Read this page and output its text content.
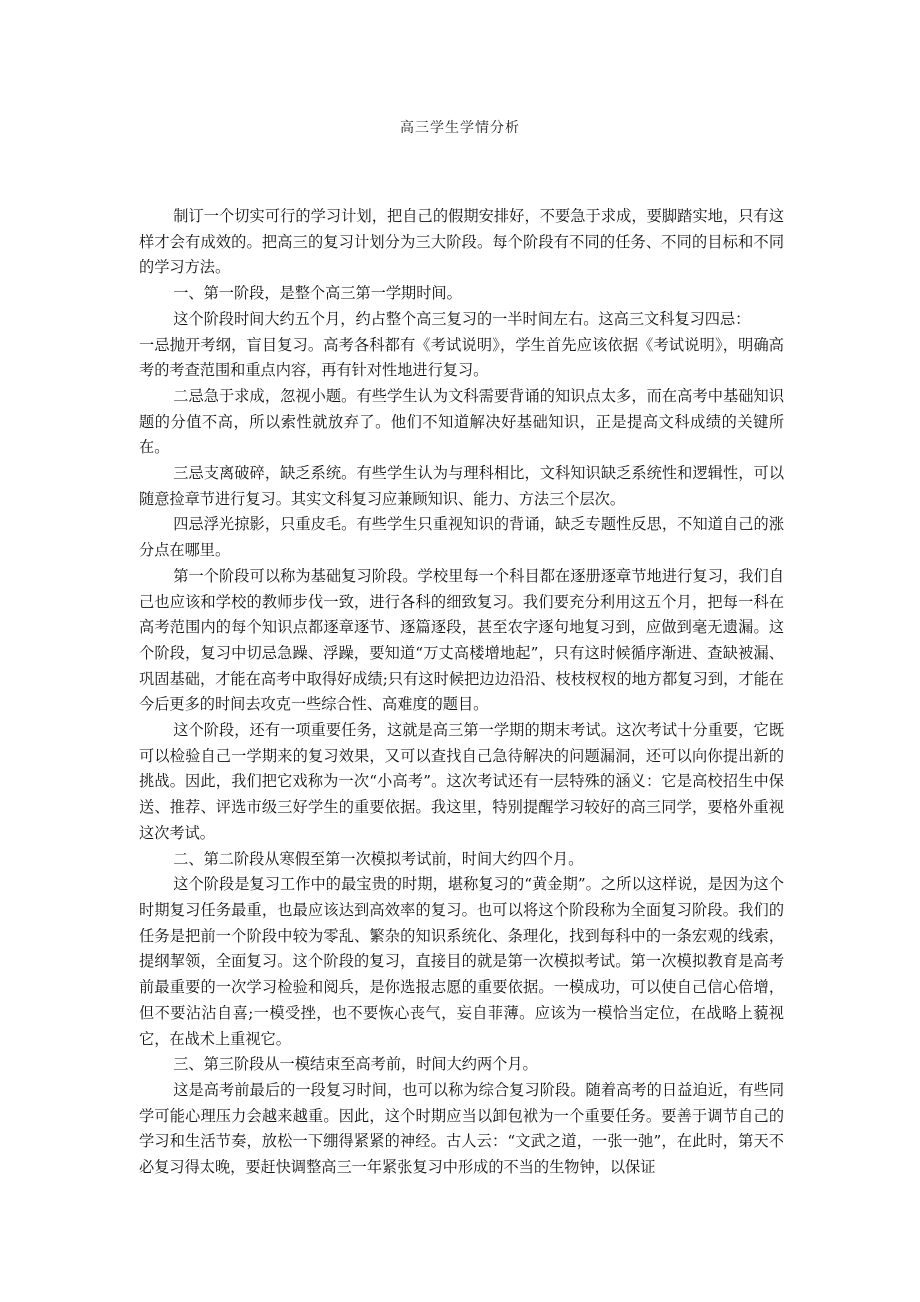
高三学生学情分析

制订一个切实可行的学习计划，把自己的假期安排好，不要急于求成，要脚踏实地，只有这样才会有成效的。把高三的复习计划分为三大阶段。每个阶段有不同的任务、不同的目标和不同的学习方法。

一、第一阶段，是整个高三第一学期时间。

这个阶段时间大约五个月，约占整个高三复习的一半时间左右。这高三文科复习四忌：

一忌抛开考纲，盲目复习。高考各科都有《考试说明》，学生首先应该依据《考试说明》，明确高考的考查范围和重点内容，再有针对性地进行复习。

二忌急于求成，忽视小题。有些学生认为文科需要背诵的知识点太多，而在高考中基础知识题的分值不高，所以索性就放弃了。他们不知道解决好基础知识，正是提高文科成绩的关键所在。

三忌支离破碎，缺乏系统。有些学生认为与理科相比，文科知识缺乏系统性和逻辑性，可以随意捡章节进行复习。其实文科复习应兼顾知识、能力、方法三个层次。

四忌浮光掠影，只重皮毛。有些学生只重视知识的背诵，缺乏专题性反思，不知道自己的涨分点在哪里。

第一个阶段可以称为基础复习阶段。学校里每一个科目都在逐册逐章节地进行复习，我们自己也应该和学校的教师步伐一致，进行各科的细致复习。我们要充分利用这五个月，把每一科在高考范围内的每个知识点都逐章逐节、逐篇逐段，甚至农字逐句地复习到，应做到毫无遗漏。这个阶段，复习中切忌急躁、浮躁，要知道“万丈高楼增地起”，只有这时候循序渐进、查缺被漏、巩固基础，才能在高考中取得好成绩;只有这时候把边边沿沿、枝枝杈杈的地方都复习到，才能在今后更多的时间去攻克一些综合性、高难度的题目。

这个阶段，还有一项重要任务，这就是高三第一学期的期末考试。这次考试十分重要，它既可以检验自己一学期来的复习效果，又可以查找自己急待解决的问题漏洞，还可以向你提出新的挑战。因此，我们把它戏称为一次“小高考”。这次考试还有一层特殊的涵义：它是高校招生中保送、推荐、评选市级三好学生的重要依据。我这里，特别提醒学习较好的高三同学，要格外重视这次考试。

二、第二阶段从寒假至第一次模拟考试前，时间大约四个月。

这个阶段是复习工作中的最宝贵的时期，堪称复习的“黄金期”。之所以这样说，是因为这个时期复习任务最重，也最应该达到高效率的复习。也可以将这个阶段称为全面复习阶段。我们的任务是把前一个阶段中较为零乱、繁杂的知识系统化、条理化，找到每科中的一条宏观的线索，提纲挈领，全面复习。这个阶段的复习，直接目的就是第一次模拟考试。第一次模拟教育是高考前最重要的一次学习检验和阅兵，是你选报志愿的重要依据。一模成功，可以使自己信心倍增，但不要沾沾自喜;一模受挫，也不要恢心丧气，妄自菲薄。应该为一模恰当定位，在战略上藐视它，在战术上重视它。

三、第三阶段从一模结束至高考前，时间大约两个月。

这是高考前最后的一段复习时间，也可以称为综合复习阶段。随着高考的日益迫近，有些同学可能心理压力会越来越重。因此，这个时期应当以卸包袱为一个重要任务。要善于调节自己的学习和生活节奏，放松一下绷得紧紧的神经。古人云：“文武之道，一张一弛”，在此时，第天不必复习得太晚，要赶快调整高三一年紧张复习中形成的不当的生物钟，以保证
